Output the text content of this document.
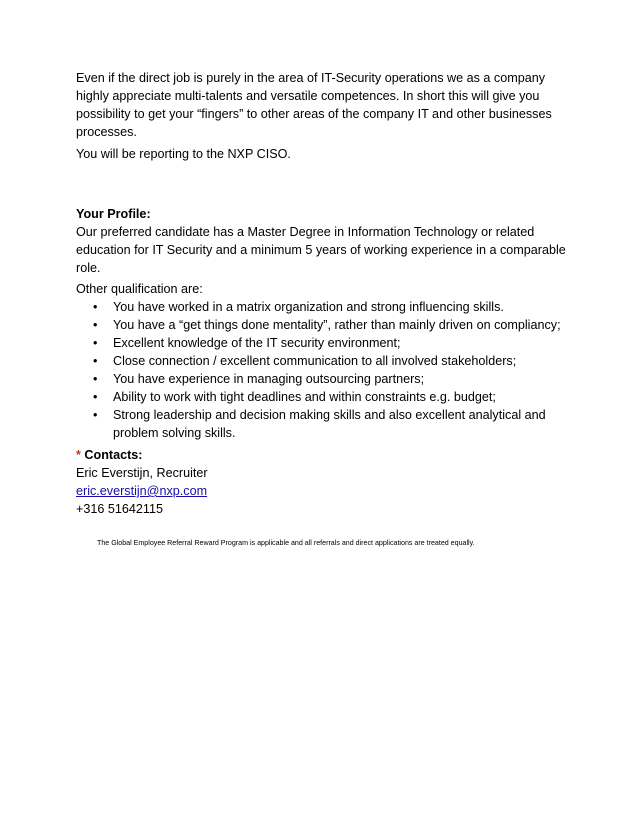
Even if the direct job is purely in the area of IT-Security operations we as a company highly appreciate multi-talents and versatile competences. In short this will give you possibility to get your “fingers” to other areas of the company IT and other businesses processes.

You will be reporting to the NXP CISO.

Your Profile:

Our preferred candidate has a Master Degree in Information Technology or related education for IT Security and a minimum 5 years of working experience in a comparable role.

Other qualification are:
• You have worked in a matrix organization and strong influencing skills.
• You have a “get things done mentality”, rather than mainly driven on compliancy;
• Excellent knowledge of the IT security environment;
• Close connection / excellent communication to all involved stakeholders;
• You have experience in managing outsourcing partners;
• Ability to work with tight deadlines and within constraints e.g. budget;
• Strong leadership and decision making skills and also excellent analytical and problem solving skills.
* Contacts:
Eric Everstijn, Recruiter
eric.everstijn@nxp.com
+316 51642115
The Global Employee Referral Reward Program is applicable and all referrals and direct applications are treated equally.
